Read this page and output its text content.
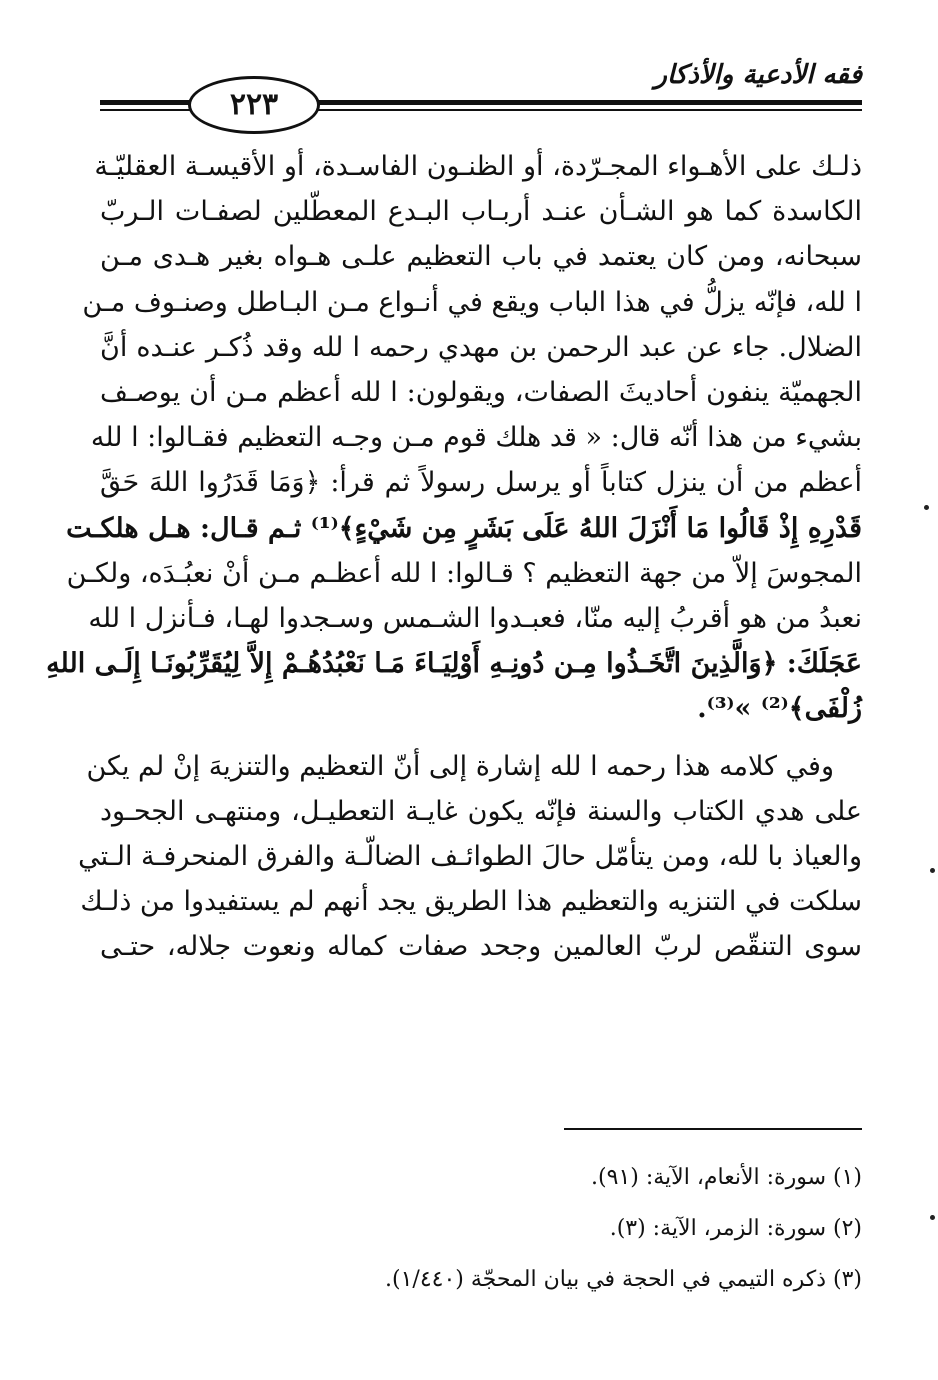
فقه الأدعية والأذكار
٢٢٣
ذلـك على الأهـواء المجـرّدة، أو الظنـون الفاسـدة، أو الأقيسـة العقليّـة
الكاسدة كما هو الشـأن عنـد أربـاب البـدع المعطّلين لصفـات الـربّ
سبحانه، ومن كان يعتمد في باب التعظيم علـى هـواه بغير هـدى مـن
ا لله، فإنّه يزلُّ في هذا الباب ويقع في أنـواع مـن البـاطل وصنـوف مـن
الضلال. جاء عن عبد الرحمن بن مهدي رحمه ا لله وقد ذُكـر عنـده أنَّ
الجهميّة ينفون أحاديثَ الصفات، ويقولون: ا لله أعظم مـن أن يوصـف
بشيء من هذا أنّه قال: « قد هلك قوم مـن وجـه التعظيم فقـالوا: ا لله
أعظم من أن ينزل كتاباً أو يرسل رسولاً ثم قرأ: ﴿وَمَا قَدَرُوا اللهَ حَقَّ
قَدْرِهِ إِذْ قَالُوا مَا أَنْزَلَ اللهُ عَلَى بَشَرٍ مِن شَيْءٍ﴾⁽¹⁾ ثـم قـال: هـل هلكـت
المجوسَ إلاّ من جهة التعظيم ؟ قـالوا: ا لله أعظـم مـن أنْ نعبُـدَه، ولكـن
نعبدُ من هو أقربُ إليه منّا، فعبـدوا الشـمس وسـجدوا لهـا، فـأنزل ا لله
عَجَلَكَ: ﴿وَالَّذِينَ اتَّخَـذُوا مِـن دُونِـهِ أَوْلِيَـاءَ مَـا نَعْبُدُهُـمْ إِلاَّ لِيُقَرِّبُونَـا إِلَـى اللهِ
زُلْفَى﴾⁽²⁾ »⁽³⁾.
وفي كلامه هذا رحمه ا لله إشارة إلى أنّ التعظيم والتنزيهَ إنْ لم يكن
على هدي الكتاب والسنة فإنّه يكون غايـة التعطيـل، ومنتهـى الجحـود
والعياذ با لله، ومن يتأمّل حالَ الطوائـف الضالّـة والفرق المنحرفـة الـتي
سلكت في التنزيه والتعظيم هذا الطريق يجد أنهم لم يستفيدوا من ذلـك
سوى التنقّص لربّ العالمين وجحد صفات كماله ونعوت جلاله، حتـى
(١) سورة: الأنعام، الآية: (٩١).
(٢) سورة: الزمر، الآية: (٣).
(٣) ذكره التيمي في الحجة في بيان المحجّة (١/٤٤٠).
